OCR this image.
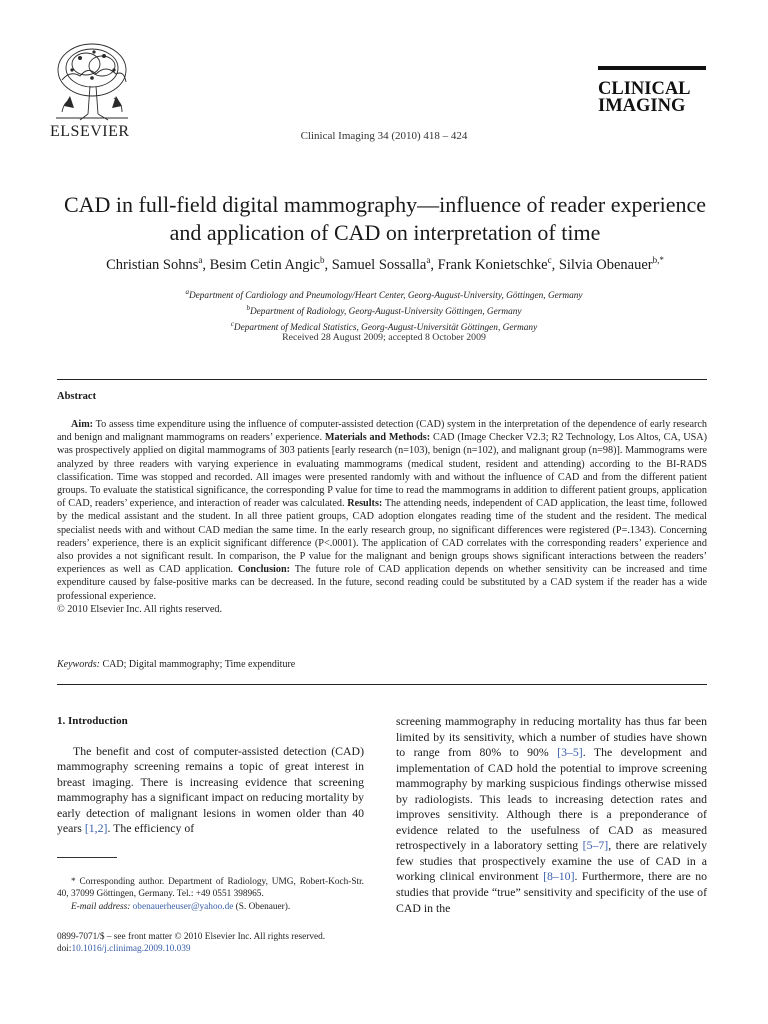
ELSEVIER	Clinical Imaging 34 (2010) 418 – 424
CLINICAL
IMAGING
CAD in full-field digital mammography—influence of reader experience
and application of CAD on interpretation of time
Christian Sohns$^a$, Besim Cetin Angic$^b$, Samuel Sossalla$^a$, Frank Konietschke$^c$, Silvia Obenauer$^{b,*}$
$^a$Department of Cardiology and Pneumology/Heart Center, Georg-August-University, Göttingen, Germany
$^b$Department of Radiology, Georg-August-University Göttingen, Germany
$^c$Department of Medical Statistics, Georg-August-Universität Göttingen, Germany
Received 28 August 2009; accepted 8 October 2009
Abstract

Aim: To assess time expenditure using the influence of computer-assisted detection (CAD) system in the interpretation of the dependence of early research and benign and malignant mammograms on readers’ experience. Materials and Methods: CAD (Image Checker V2.3; R2 Technology, Los Altos, CA, USA) was prospectively applied on digital mammograms of 303 patients [early research (n=103), benign (n=102), and malignant group (n=98)]. Mammograms were analyzed by three readers with varying experience in evaluating mammograms (medical student, resident and attending) according to the BI-RADS classification. Time was stopped and recorded. All images were presented randomly with and without the influence of CAD and from the different patient groups. To evaluate the statistical significance, the corresponding P value for time to read the mammograms in addition to different patient groups, application of CAD, readers’ experience, and interaction of reader was calculated. Results: The attending needs, independent of CAD application, the least time, followed by the medical assistant and the student. In all three patient groups, CAD adoption elongates reading time of the student and the resident. The medical specialist needs with and without CAD median the same time. In the early research group, no significant differences were registered (P=.1343). Concerning readers’ experience, there is an explicit significant difference (P<.0001). The application of CAD correlates with the corresponding readers’ experience and also provides a not significant result. In comparison, the P value for the malignant and benign groups shows significant interactions between the readers’ experiences as well as CAD application. Conclusion: The future role of CAD application depends on whether sensitivity can be increased and time expenditure caused by false-positive marks can be decreased. In the future, second reading could be substituted by a CAD system if the reader has a wide professional experience.

© 2010 Elsevier Inc. All rights reserved.

Keywords: CAD; Digital mammography; Time expenditure
1. Introduction

The benefit and cost of computer-assisted detection (CAD) mammography screening remains a topic of great interest in breast imaging. There is increasing evidence that screening mammography has a significant impact on reducing mortality by early detection of malignant lesions in women older than 40 years [1,2]. The efficiency of

* Corresponding author. Department of Radiology, UMG, Robert-Koch-Str. 40, 37099 Göttingen, Germany. Tel.: +49 0551 398965.

E-mail address: obenauerheuser@yahoo.de (S. Obenauer).

0899-7071/$ – see front matter © 2010 Elsevier Inc. All rights reserved.
doi:10.1016/j.clinimag.2009.10.039

screening mammography in reducing mortality has thus far been limited by its sensitivity, which a number of studies have shown to range from 80% to 90% [3–5]. The development and implementation of CAD hold the potential to improve screening mammography by marking suspicious findings otherwise missed by radiologists. This leads to increasing detection rates and improves sensitivity. Although there is a preponderance of evidence related to the usefulness of CAD as measured retrospectively in a laboratory setting [5–7], there are relatively few studies that prospectively examine the use of CAD in a working clinical environment [8–10]. Furthermore, there are no studies that provide “true” sensitivity and specificity of the use of CAD in the
